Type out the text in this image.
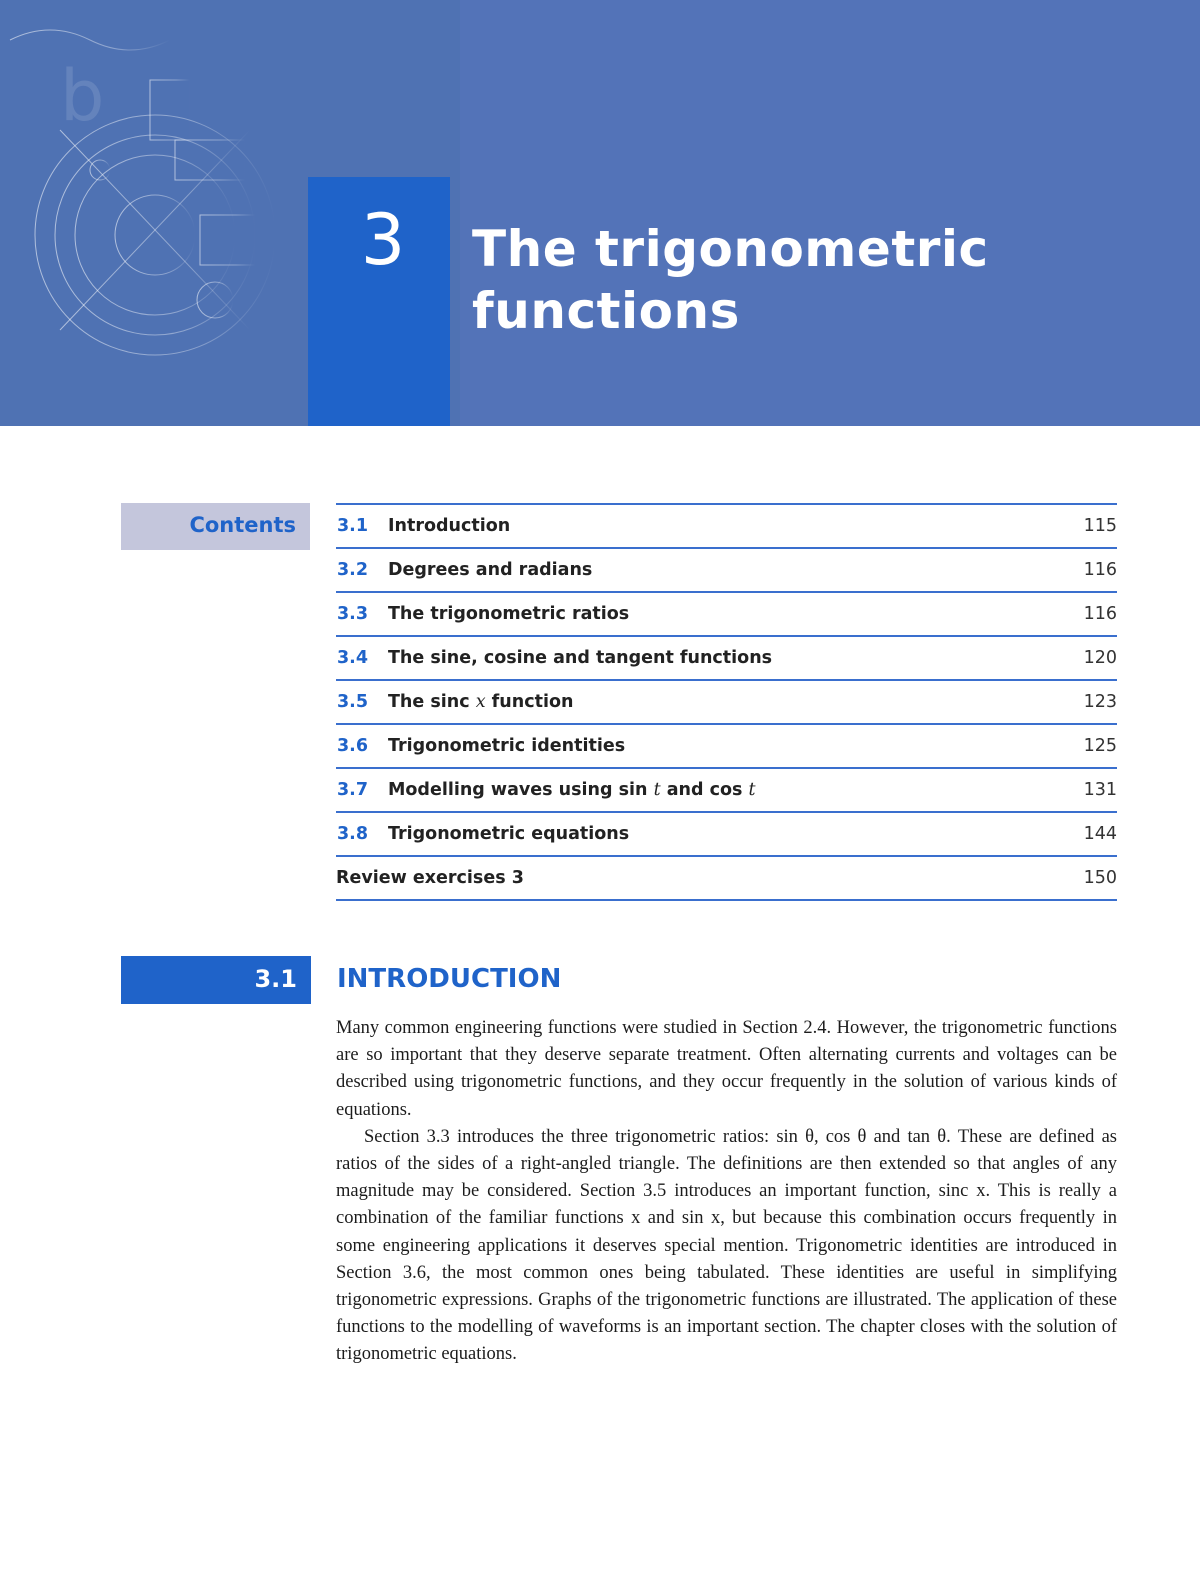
b
3	The trigonometric
functions
Contents 3.1 Introduction	115
3.2 Degrees and radians	116
3.3 The trigonometric ratios	116
3.4 The sine, cosine and tangent functions	120
3.5 The sinc x function	123
3.6 Trigonometric identities	125
3.7 Modelling waves using sin t and cos t	131
3.8 Trigonometric equations	144
Review exercises 3	150
3.1 INTRODUCTION

Many common engineering functions were studied in Section 2.4. However, the trigonometric functions are so important that they deserve separate treatment. Often alternating currents and voltages can be described using trigonometric functions, and they occur frequently in the solution of various kinds of equations.

Section 3.3 introduces the three trigonometric ratios: sin θ, cos θ and tan θ. These are defined as ratios of the sides of a right-angled triangle. The definitions are then extended so that angles of any magnitude may be considered. Section 3.5 introduces an important function, sinc x. This is really a combination of the familiar functions x and sin x, but because this combination occurs frequently in some engineering applications it deserves special mention. Trigonometric identities are introduced in Section 3.6, the most common ones being tabulated. These identities are useful in simplifying trigonometric expressions. Graphs of the trigonometric functions are illustrated. The application of these functions to the modelling of waveforms is an important section. The chapter closes with the solution of trigonometric equations.
